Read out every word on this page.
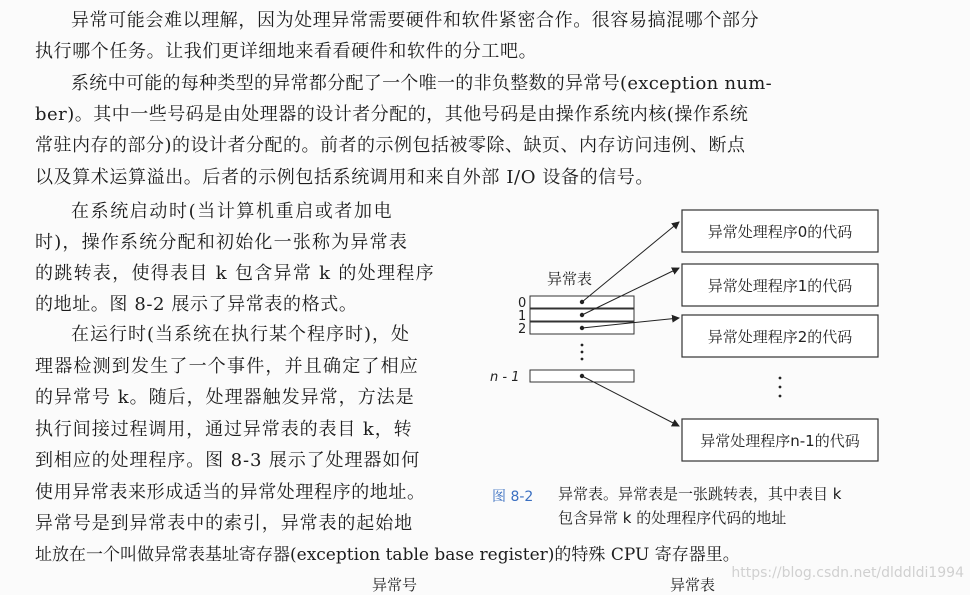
异常可能会难以理解，因为处理异常需要硬件和软件紧密合作。很容易搞混哪个部分
执行哪个任务。让我们更详细地来看看硬件和软件的分工吧。
系统中可能的每种类型的异常都分配了一个唯一的非负整数的异常号(exception num-
ber)。其中一些号码是由处理器的设计者分配的，其他号码是由操作系统内核(操作系统
常驻内存的部分)的设计者分配的。前者的示例包括被零除、缺页、内存访问违例、断点
以及算术运算溢出。后者的示例包括系统调用和来自外部 I/O 设备的信号。
在系统启动时(当计算机重启或者加电
时)，操作系统分配和初始化一张称为异常表
的跳转表，使得表目 k 包含异常 k 的处理程序
的地址。图 8-2 展示了异常表的格式。
在运行时(当系统在执行某个程序时)，处
理器检测到发生了一个事件，并且确定了相应
的异常号 k。随后，处理器触发异常，方法是
执行间接过程调用，通过异常表的表目 k，转
到相应的处理程序。图 8-3 展示了处理器如何
使用异常表来形成适当的异常处理程序的地址。
异常号是到异常表中的索引，异常表的起始地
址放在一个叫做异常表基址寄存器(exception table base register)的特殊 CPU 寄存器里。
异常表
0
1
2
n - 1
异常处理程序0的代码
异常处理程序1的代码
异常处理程序2的代码
异常处理程序n-1的代码
图 8-2 异常表。异常表是一张跳转表，其中表目 k
包含异常 k 的处理程序代码的地址
异常号	异常表
https://blog.csdn.net/dlddldi1994
